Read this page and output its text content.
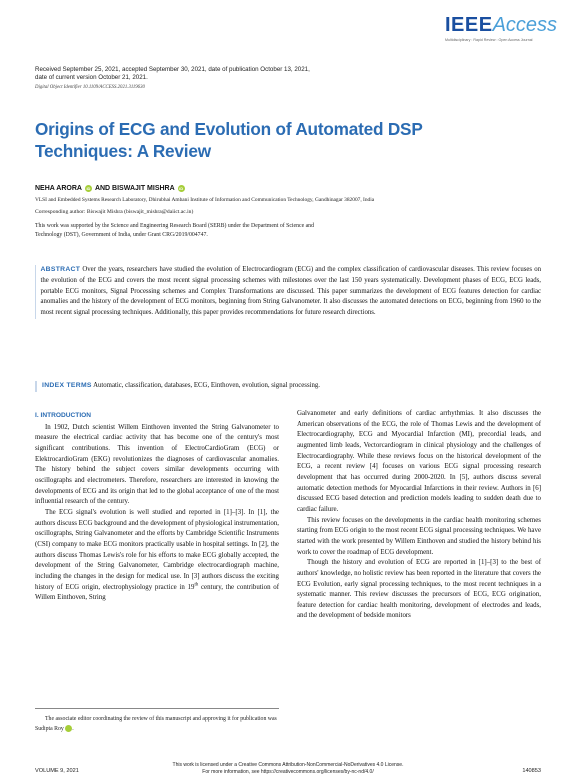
IEEEAccess
Multidisciplinary : Rapid Review : Open Access Journal
Received September 25, 2021, accepted September 30, 2021, date of publication October 13, 2021,
date of current version October 21, 2021.
Digital Object Identifier 10.1109/ACCESS.2021.3119630
Origins of ECG and Evolution of Automated DSP Techniques: A Review
NEHA ARORA	iD AND BISWAJIT MISHRA	iD
VLSI and Embedded Systems Research Laboratory, Dhirubhai Ambani Institute of Information and Communication Technology, Gandhinagar 382007, India
Corresponding author: Biswajit Mishra (biswajit_mishra@daiict.ac.in)
This work was supported by the Science and Engineering Research Board (SERB) under the Department of Science and Technology (DST), Government of India, under Grant CRG/2019/004747.

ABSTRACT Over the years, researchers have studied the evolution of Electrocardiogram (ECG) and the complex classification of cardiovascular diseases. This review focuses on the evolution of the ECG and covers the most recent signal processing schemes with milestones over the last 150 years systematically. Development phases of ECG, ECG leads, portable ECG monitors, Signal Processing schemes and Complex Transformations are discussed. This paper summarizes the development of ECG features detection for cardiac anomalies and the history of the development of ECG monitors, beginning from String Galvanometer. It also discusses the automated detections on ECG, beginning from 1960 to the most recent signal processing techniques. Additionally, this paper provides recommendations for future research directions.

INDEX TERMS Automatic, classification, databases, ECG, Einthoven, evolution, signal processing.

I. INTRODUCTION

In 1902, Dutch scientist Willem Einthoven invented the String Galvanometer to measure the electrical cardiac activity that has become one of the century's most significant contributions. This invention of ElectroCardioGram (ECG) or ElektrocardioGram (EKG) revolutionizes the diagnoses of cardiovascular anomalies. The history behind the subject covers similar developments occurring with oscillographs and electrometers. Therefore, researchers are interested in knowing the developments of ECG and its origin that led to the global acceptance of one of the most influential research of the century.

The ECG signal's evolution is well studied and reported in [1]–[3]. In [1], the authors discuss ECG background and the development of physiological instrumentation, oscillographs, String Galvanometer and the efforts by Cambridge Scientific Instruments (CSI) company to make ECG monitors practically usable in hospital settings. In [2], the authors discuss Thomas Lewis's role for his efforts to make ECG globally accepted, the development of the String Galvanometer, Cambridge electrocardiograph machine, including the changes in the design for medical use. In [3] authors discuss the exciting history of ECG origin, electrophysiology practice in 19th century, the contribution of Willem Einthoven, String

Galvanometer and early definitions of cardiac arrhythmias. It also discusses the American observations of the ECG, the role of Thomas Lewis and the development of Electrocardiography, ECG and Myocardial Infarction (MI), precordial leads, and augmented limb leads, Vectorcardiogram in clinical physiology and the challenges of Electrocardiography. While these reviews focus on the historical development of the ECG, a recent review [4] focuses on various ECG signal processing research development that has occurred during 2000-2020. In [5], authors discuss several automatic detection methods for Myocardial Infarctions in their review. Authors in [6] discussed ECG based detection and prediction models leading to sudden death due to cardiac failure.

This review focuses on the developments in the cardiac health monitoring schemes starting from ECG origin to the most recent ECG signal processing techniques. We have started with the work presented by Willem Einthoven and studied the history behind his work to cover the roadmap of ECG development.

Though the history and evolution of ECG are reported in [1]–[3] to the best of authors' knowledge, no holistic review has been reported in the literature that covers the ECG Evolution, early signal processing techniques, to the most recent techniques in a systematic manner. This review discusses the precursors of ECG, ECG origination, feature detection for cardiac health monitoring, development of electrodes and leads, and the development of bedside monitors

The associate editor coordinating the review of this manuscript and approving it for publication was Sudipta Roy	iD.

VOLUME 9, 2021
This work is licensed under a Creative Commons Attribution-NonCommercial-NoDerivatives 4.0 License.
For more information, see https://creativecommons.org/licenses/by-nc-nd/4.0/	140853
